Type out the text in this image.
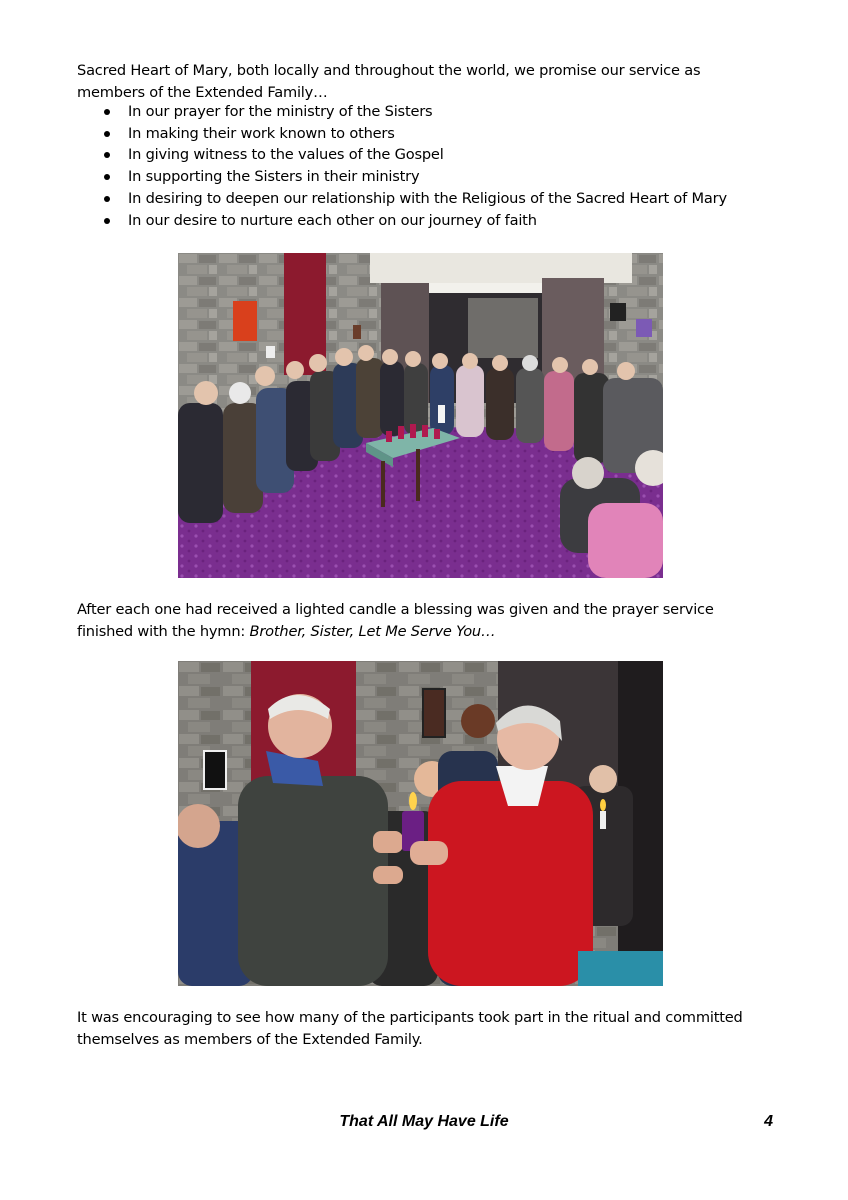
Sacred Heart of Mary, both locally and throughout the world, we promise our service as members of the Extended Family…
In our prayer for the ministry of the Sisters
In making their work known to others
In giving witness to the values of the Gospel
In supporting the Sisters in their ministry
In desiring to deepen our relationship with the Religious of the Sacred Heart of Mary
In our desire to nurture each other on our journey of faith
After each one had received a lighted candle a blessing was given and the prayer service finished with the hymn: Brother, Sister, Let Me Serve You…
It was encouraging to see how many of the participants took part in the ritual and committed themselves as members of the Extended Family.
That All May Have Life	4
